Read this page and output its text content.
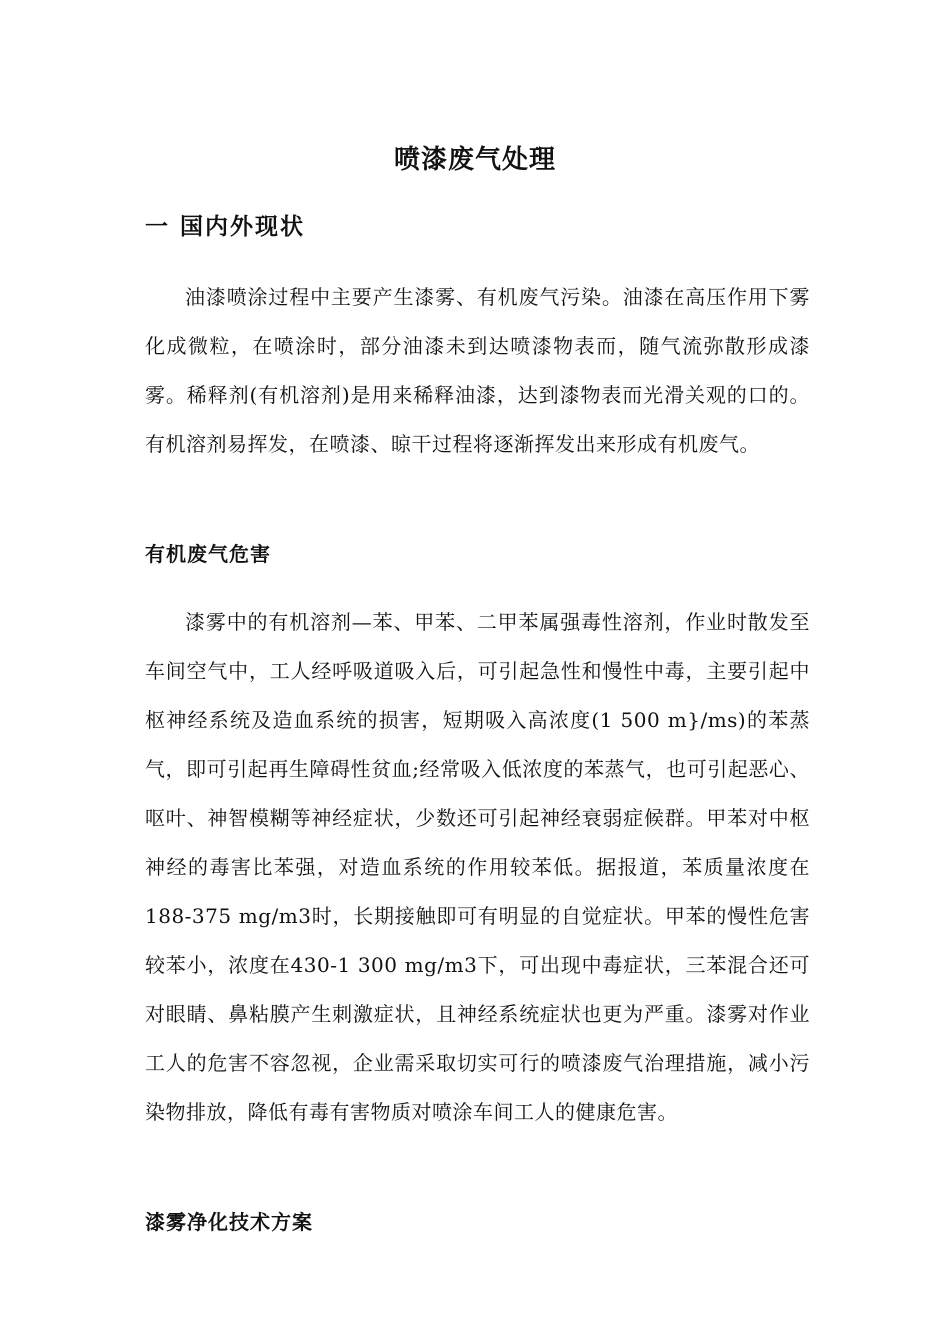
喷漆废气处理
一 国内外现状

油漆喷涂过程中主要产生漆雾、有机废气污染。油漆在高压作用下雾化成微粒，在喷涂时，部分油漆未到达喷漆物表而，随气流弥散形成漆雾。稀释剂(有机溶剂)是用来稀释油漆，达到漆物表而光滑关观的口的。有机溶剂易挥发，在喷漆、晾干过程将逐渐挥发出来形成有机废气。

有机废气危害

漆雾中的有机溶剂—苯、甲苯、二甲苯属强毒性溶剂，作业时散发至车间空气中，工人经呼吸道吸入后，可引起急性和慢性中毒，主要引起中枢神经系统及造血系统的损害，短期吸入高浓度(1 500 m}/ms)的苯蒸气，即可引起再生障碍性贫血;经常吸入低浓度的苯蒸气，也可引起恶心、呕叶、神智模糊等神经症状，少数还可引起神经衰弱症候群。甲苯对中枢神经的毒害比苯强，对造血系统的作用较苯低。据报道，苯质量浓度在188-375 mg/m3时，长期接触即可有明显的自觉症状。甲苯的慢性危害较苯小，浓度在430-1 300 mg/m3下，可出现中毒症状，三苯混合还可对眼睛、鼻粘膜产生刺激症状，且神经系统症状也更为严重。漆雾对作业工人的危害不容忽视，企业需采取切实可行的喷漆废气治理措施，减小污染物排放，降低有毒有害物质对喷涂车间工人的健康危害。

漆雾净化技术方案
